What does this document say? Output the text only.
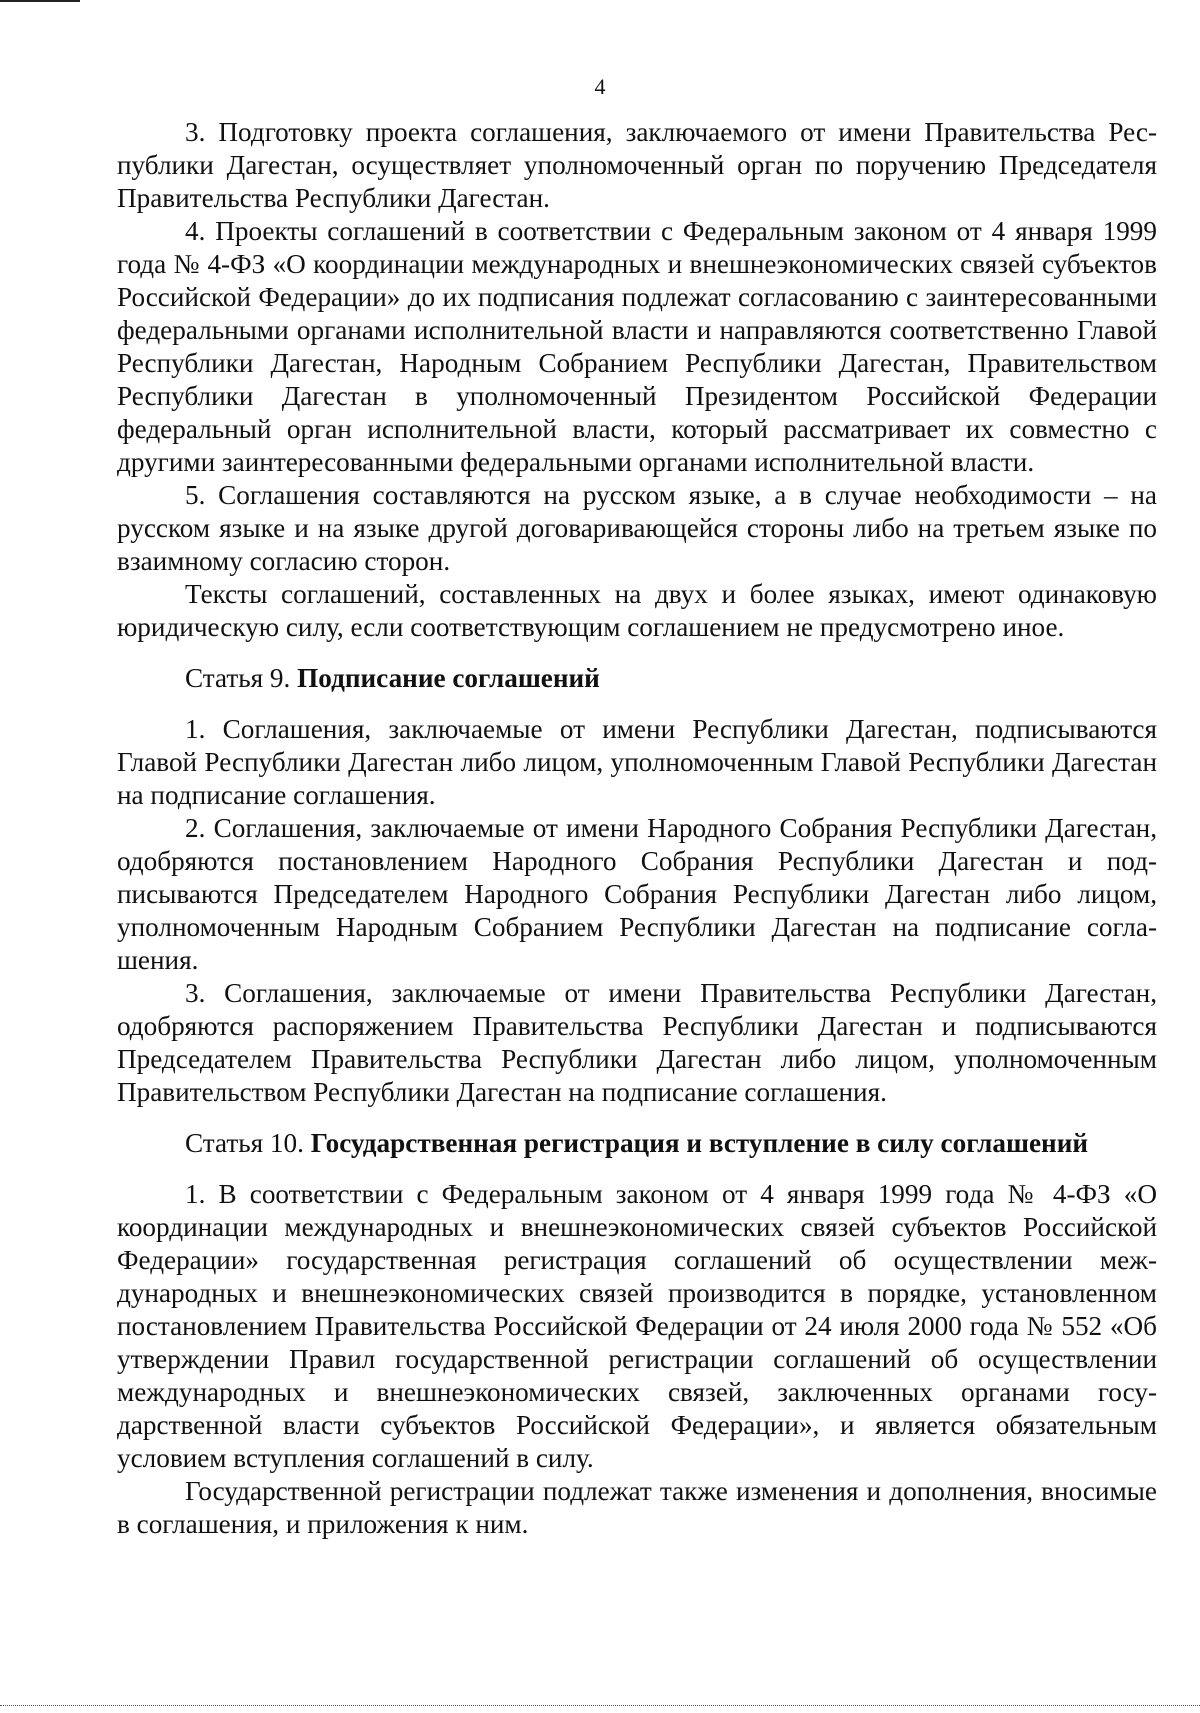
4

3. Подготовку проекта соглашения, заключаемого от имени Правительства Республики Дагестан, осуществляет уполномоченный орган по поручению Председателя Правительства Республики Дагестан.

4. Проекты соглашений в соответствии с Федеральным законом от 4 января 1999 года № 4-ФЗ «О координации международных и внешнеэкономических связей субъектов Российской Федерации» до их подписания подлежат согласованию с заинтересованными федеральными органами исполнительной власти и направляются соответственно Главой Республики Дагестан, Народным Собранием Республики Дагестан, Правительством Республики Дагестан в уполномоченный Президентом Российской Федерации федеральный орган исполнительной власти, который рассматривает их совместно с другими заинтересованными федеральными органами исполнительной власти.

5. Соглашения составляются на русском языке, а в случае необходимости – на русском языке и на языке другой договаривающейся стороны либо на третьем языке по взаимному согласию сторон.

Тексты соглашений, составленных на двух и более языках, имеют одинаковую юридическую силу, если соответствующим соглашением не предусмотрено иное.

Статья 9. Подписание соглашений

1. Соглашения, заключаемые от имени Республики Дагестан, подписываются Главой Республики Дагестан либо лицом, уполномоченным Главой Республики Дагестан на подписание соглашения.

2. Соглашения, заключаемые от имени Народного Собрания Республики Дагестан, одобряются постановлением Народного Собрания Республики Дагестан и подписываются Председателем Народного Собрания Республики Дагестан либо лицом, уполномоченным Народным Собранием Республики Дагестан на подписание соглашения.

3. Соглашения, заключаемые от имени Правительства Республики Дагестан, одобряются распоряжением Правительства Республики Дагестан и подписываются Председателем Правительства Республики Дагестан либо лицом, уполномоченным Правительством Республики Дагестан на подписание соглашения.

Статья 10. Государственная регистрация и вступление в силу соглашений

1. В соответствии с Федеральным законом от 4 января 1999 года № 4-ФЗ «О координации международных и внешнеэкономических связей субъектов Российской Федерации» государственная регистрация соглашений об осуществлении международных и внешнеэкономических связей производится в порядке, установленном постановлением Правительства Российской Федерации от 24 июля 2000 года № 552 «Об утверждении Правил государственной регистрации соглашений об осуществлении международных и внешнеэкономических связей, заключенных органами государственной власти субъектов Российской Федерации», и является обязательным условием вступления соглашений в силу.

Государственной регистрации подлежат также изменения и дополнения, вносимые в соглашения, и приложения к ним.
